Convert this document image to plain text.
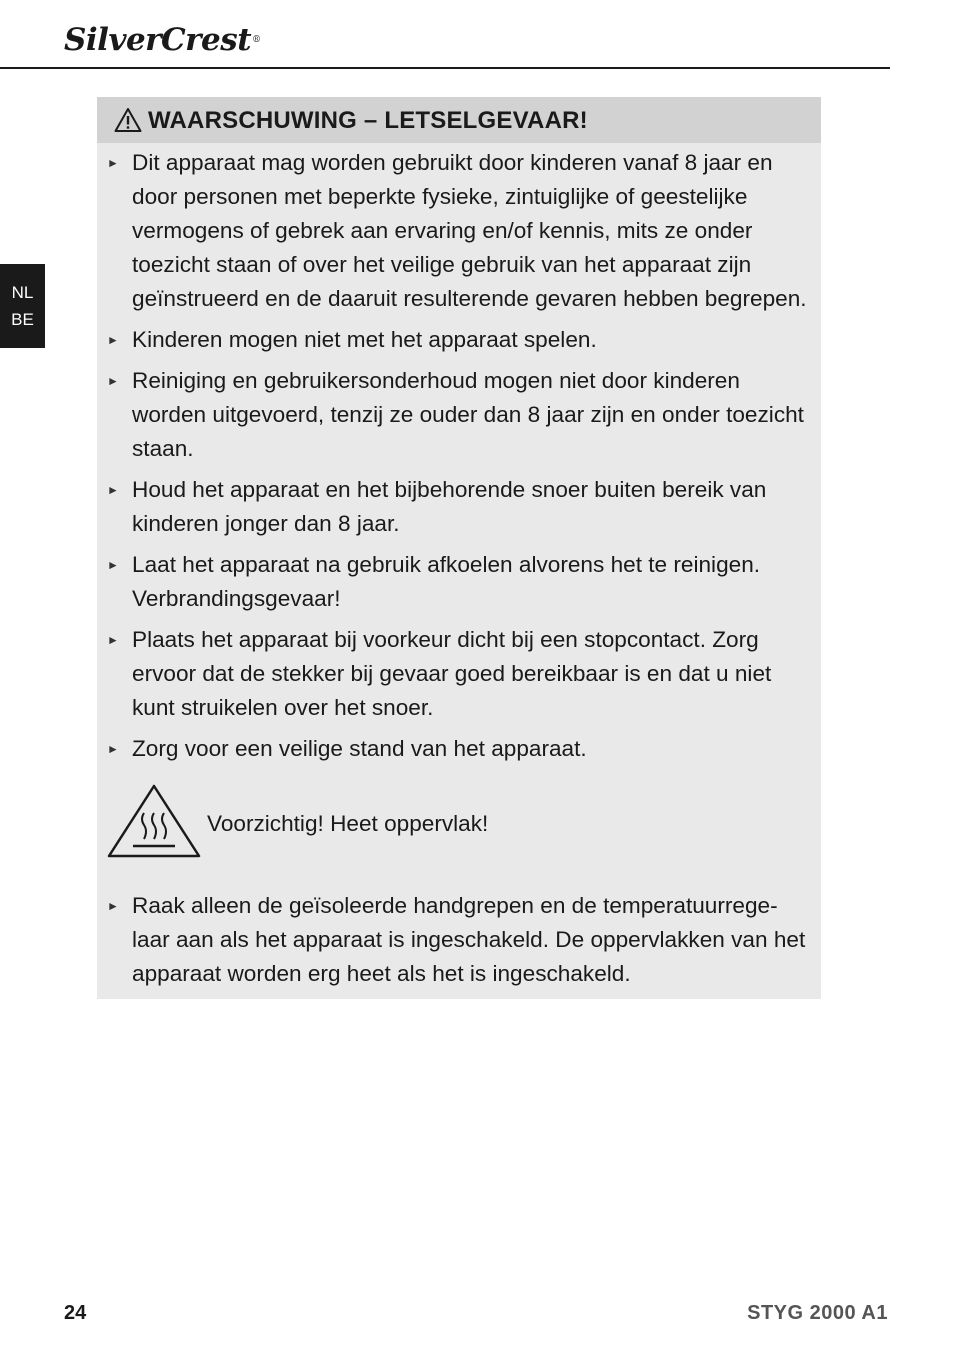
SilverCrest®
NL
BE
WAARSCHUWING – LETSELGEVAAR!
► Dit apparaat mag worden gebruikt door kinderen vanaf 8 jaar en door personen met beperkte fysieke, zintuiglijke of geestelijke vermogens of gebrek aan ervaring en/of kennis, mits ze onder toezicht staan of over het veilige gebruik van het apparaat zijn geïnstrueerd en de daaruit resulterende gevaren hebben begrepen.
► Kinderen mogen niet met het apparaat spelen.
► Reiniging en gebruikersonderhoud mogen niet door kinderen worden uitgevoerd, tenzij ze ouder dan 8 jaar zijn en onder toezicht staan.
► Houd het apparaat en het bijbehorende snoer buiten bereik van kinderen jonger dan 8 jaar.
► Laat het apparaat na gebruik afkoelen alvorens het te reinigen. Verbrandingsgevaar!
► Plaats het apparaat bij voorkeur dicht bij een stopcontact. Zorg ervoor dat de stekker bij gevaar goed bereikbaar is en dat u niet kunt struikelen over het snoer.
► Zorg voor een veilige stand van het apparaat.
Voorzichtig! Heet oppervlak!
► Raak alleen de geïsoleerde handgrepen en de temperatuurregelaar aan als het apparaat is ingeschakeld. De oppervlakken van het apparaat worden erg heet als het is ingeschakeld.
24	STYG 2000 A1
